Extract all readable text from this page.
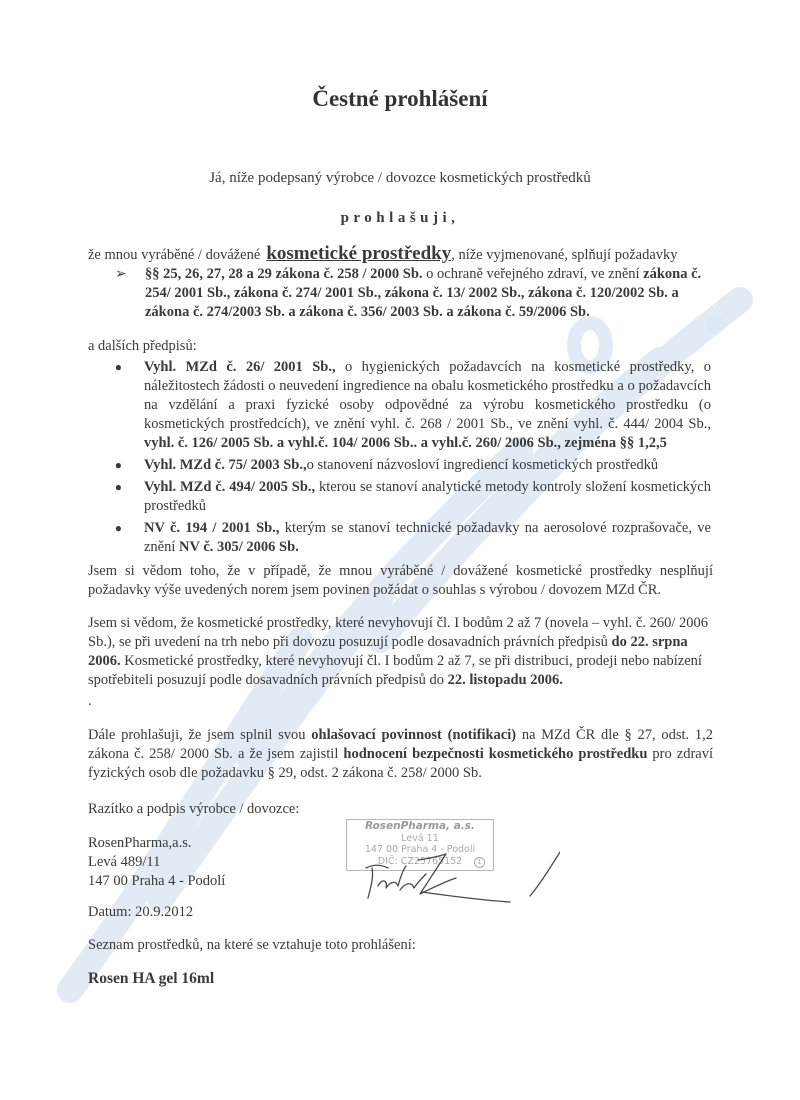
Čestné prohlášení
Já, níže podepsaný výrobce / dovozce kosmetických prostředků
prohlašuji,
že mnou vyráběné / dovážené kosmetické prostředky, níže vyjmenované, splňují požadavky
➢	§§ 25, 26, 27, 28 a 29 zákona č. 258 / 2000 Sb. o ochraně veřejného zdraví, ve znění zákona č. 254/ 2001 Sb., zákona č. 274/ 2001 Sb., zákona č. 13/ 2002 Sb., zákona č. 120/2002 Sb. a zákona č. 274/2003 Sb. a zákona č. 356/ 2003 Sb. a zákona č. 59/2006 Sb.
a dalších předpisů:
●	Vyhl. MZd č. 26/ 2001 Sb., o hygienických požadavcích na kosmetické prostředky, o náležitostech žádosti o neuvedení ingredience na obalu kosmetického prostředku a o požadavcích na vzdělání a praxi fyzické osoby odpovědné za výrobu kosmetického prostředku (o kosmetických prostředcích), ve znění vyhl. č. 268 / 2001 Sb., ve znění vyhl. č. 444/ 2004 Sb., vyhl. č. 126/ 2005 Sb. a vyhl.č. 104/ 2006 Sb.. a vyhl.č. 260/ 2006 Sb., zejména §§ 1,2,5
●	Vyhl. MZd č. 75/ 2003 Sb.,o stanovení názvosloví ingrediencí kosmetických prostředků
●	Vyhl. MZd č. 494/ 2005 Sb., kterou se stanoví analytické metody kontroly složení kosmetických prostředků
●	NV č. 194 / 2001 Sb., kterým se stanoví technické požadavky na aerosolové rozprašovače, ve znění NV č. 305/ 2006 Sb.
Jsem si vědom toho, že v případě, že mnou vyráběné / dovážené kosmetické prostředky nesplňují požadavky výše uvedených norem jsem povinen požádat o souhlas s výrobou / dovozem MZd ČR.
Jsem si vědom, že kosmetické prostředky, které nevyhovují čl. I bodům 2 až 7 (novela – vyhl. č. 260/ 2006 Sb.), se při uvedení na trh nebo při dovozu posuzují podle dosavadních právních předpisů do 22. srpna 2006. Kosmetické prostředky, které nevyhovují čl. I bodům 2 až 7, se při distribuci, prodeji nebo nabízení spotřebiteli posuzují podle dosavadních právních předpisů do 22. listopadu 2006.
.
Dále prohlašuji, že jsem splnil svou ohlašovací povinnost (notifikaci) na MZd ČR dle § 27, odst. 1,2 zákona č. 258/ 2000 Sb. a že jsem zajistil hodnocení bezpečnosti kosmetického prostředku pro zdraví fyzických osob dle požadavku § 29, odst. 2 zákona č. 258/ 2000 Sb.
Razítko a podpis výrobce / dovozce:
RosenPharma,a.s.
Levá 489/11
147 00 Praha 4 - Podolí
RosenPharma, a.s.
Levá 11
147 00 Praha 4 - Podolí
DIČ: CZ25765152	1
Datum: 20.9.2012
Seznam prostředků, na které se vztahuje toto prohlášení:
Rosen HA gel 16ml
